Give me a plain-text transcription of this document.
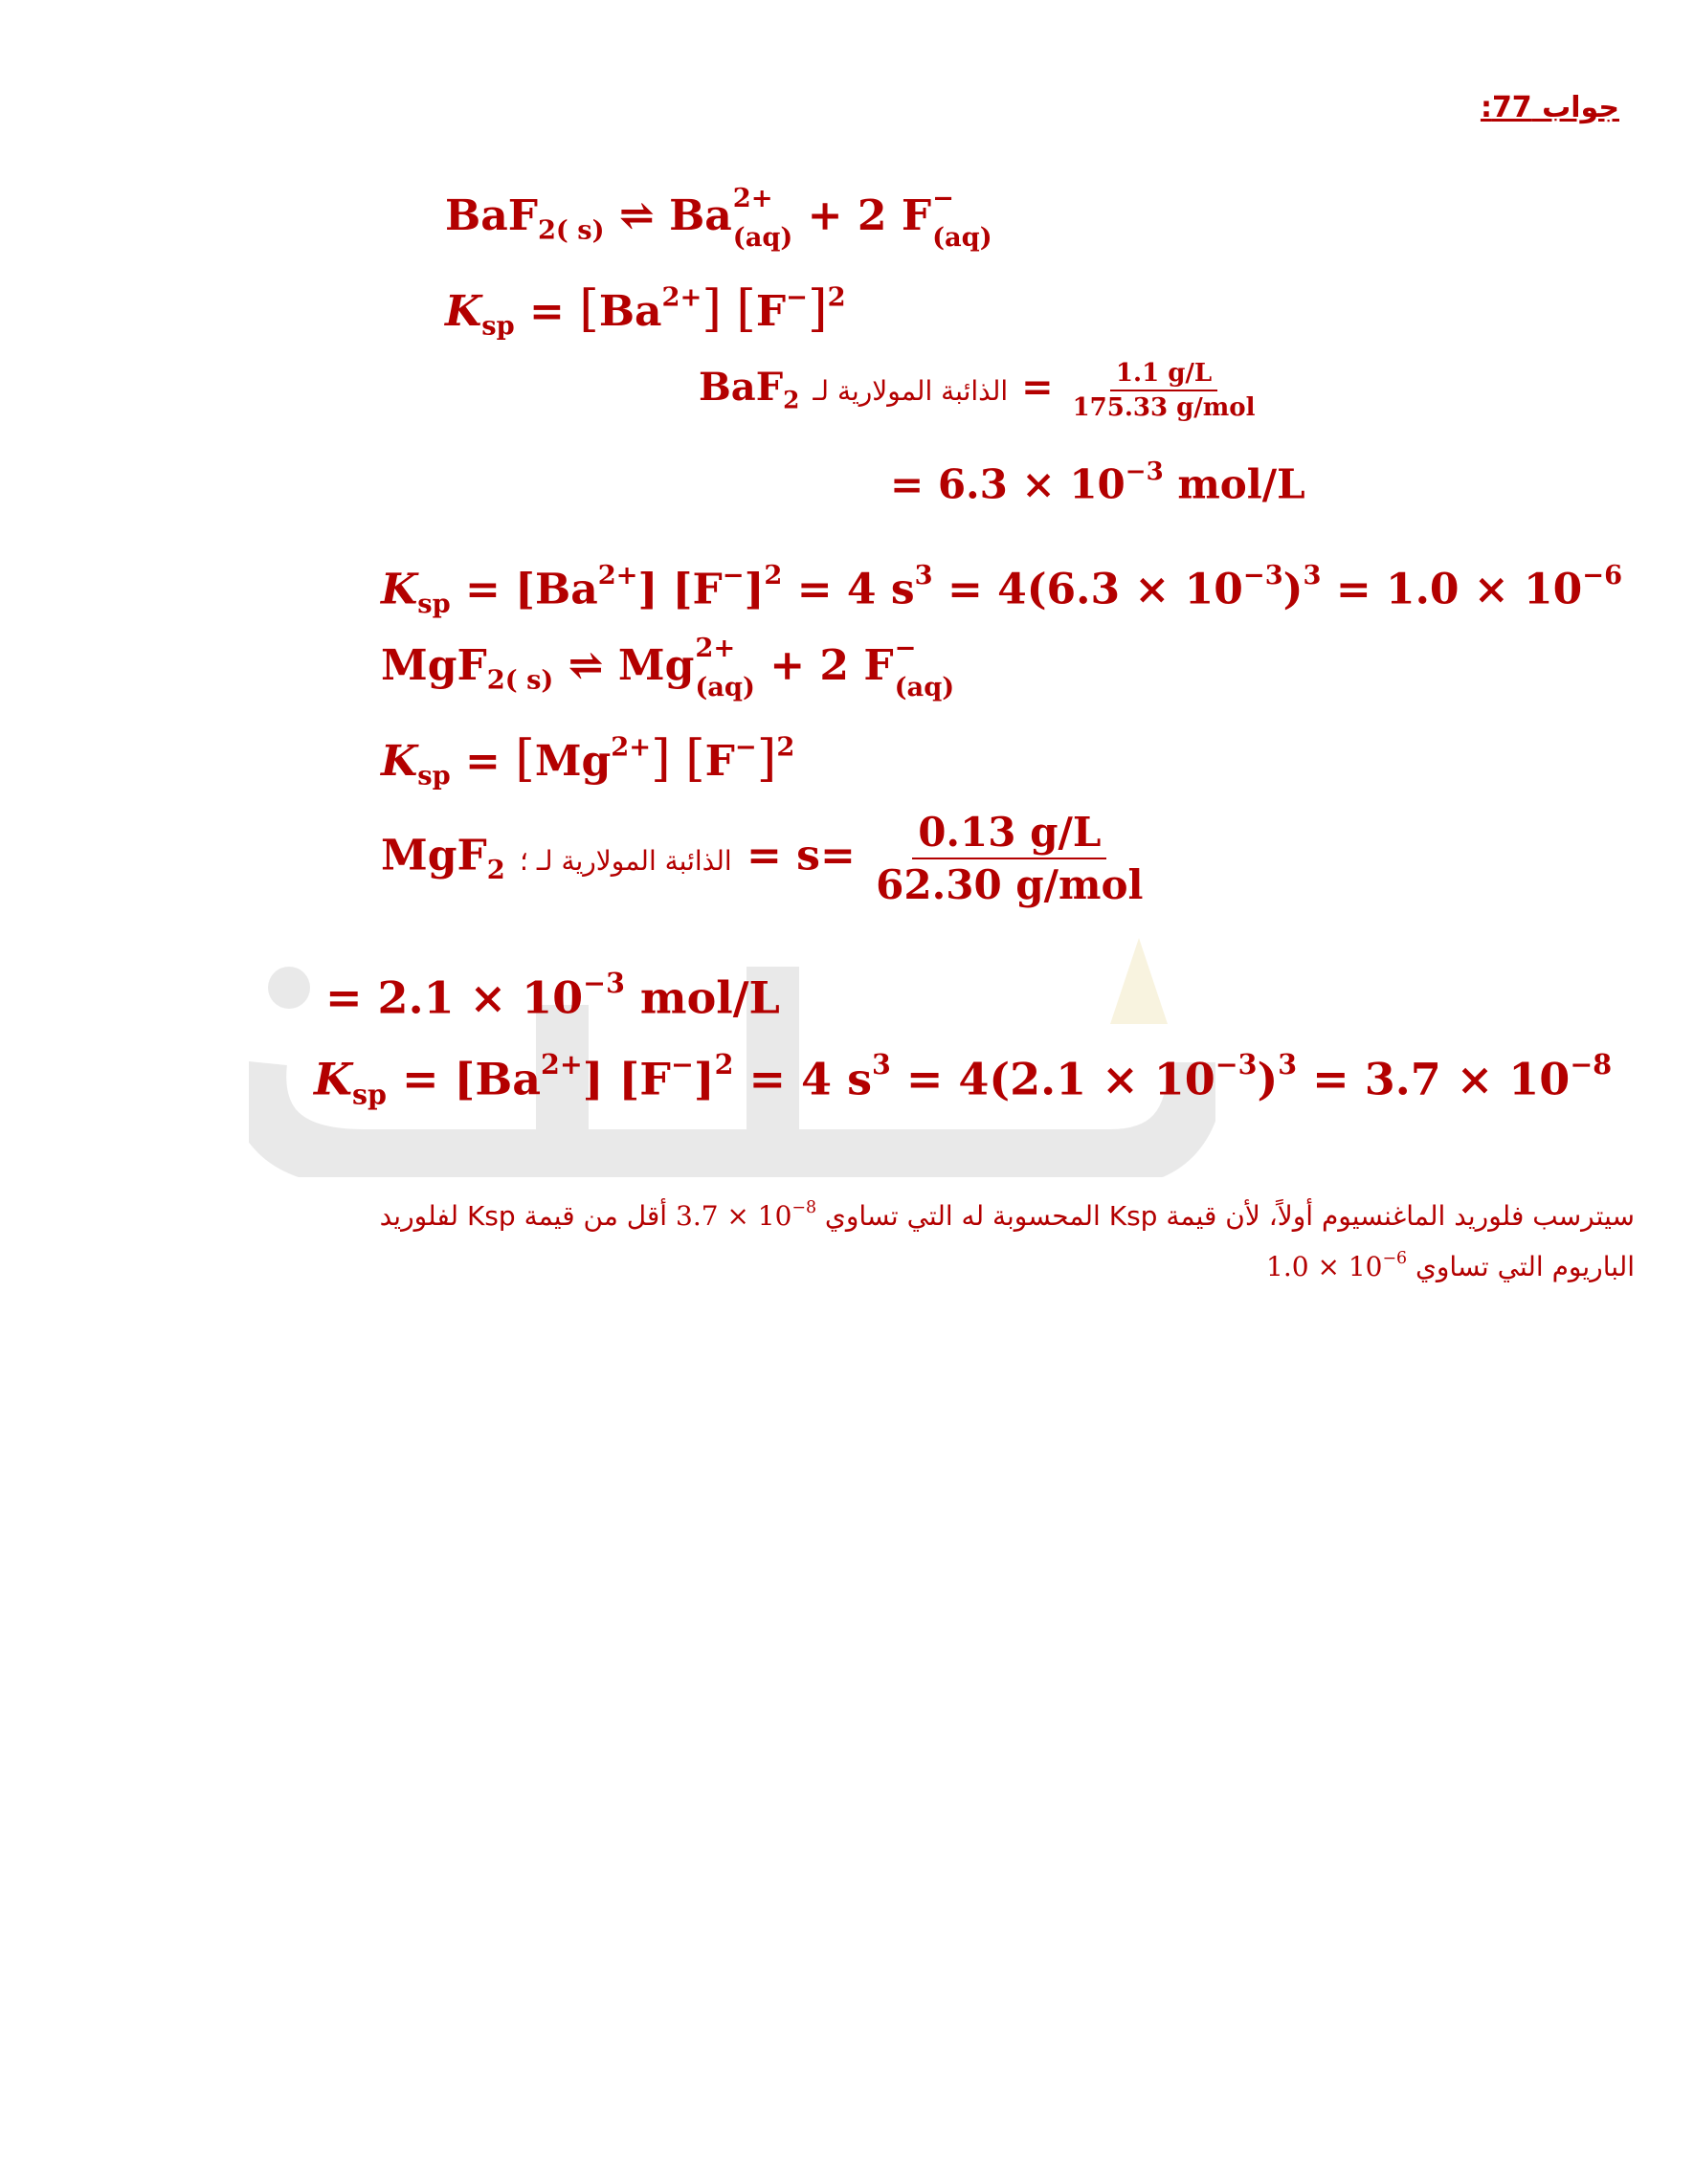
جواب 77:
BaF$_{2( s)}$ ⇌ Ba 2+
(aq) + 2 F −
(aq)
$K_{sp} = [Ba^{2+}]$ $[F^-]^2$
BaF$_2$ الذائبة المولارية لـ = $\frac{1.1 g/L}{\text{175.33 g/mol}}$
= $6.3 \times 10^{-3}$ mol/L
$K_{sp} = [Ba^{2+}] [F^-]^2 = 4$ $s^3 = 4(6.3 \times 10^{-3})^3 = 1.0 \times 10^{-6}$
MgF$_{2( s)}$ ⇌ Mg 2+
(aq) + 2 F −
(aq)
$K_{sp} = [Mg^{2+}]$ $[F^-]^2$
MgF$_2$ الذائبة المولارية لـ ؛ = $s= \frac{0.13 g/L}{\text{62.30 g/mol}}$
= $2.1 \times 10^{-3}$ mol/L
$K_{sp} = [Ba^{2+}] [F^-]^2 = 4$ $s^3 = 4(2.1 \times 10^{-3})^3 = 3.7 \times 10^{-8}$
سيترسب فلوريد الماغنسيوم أولاً، لأن قيمة Ksp المحسوبة له التي تساوي $3.7 \times 10^{-8}$ أقل من قيمة Ksp لفلوريد
الباريوم التي تساوي $1.0 \times 10^{-6}$
